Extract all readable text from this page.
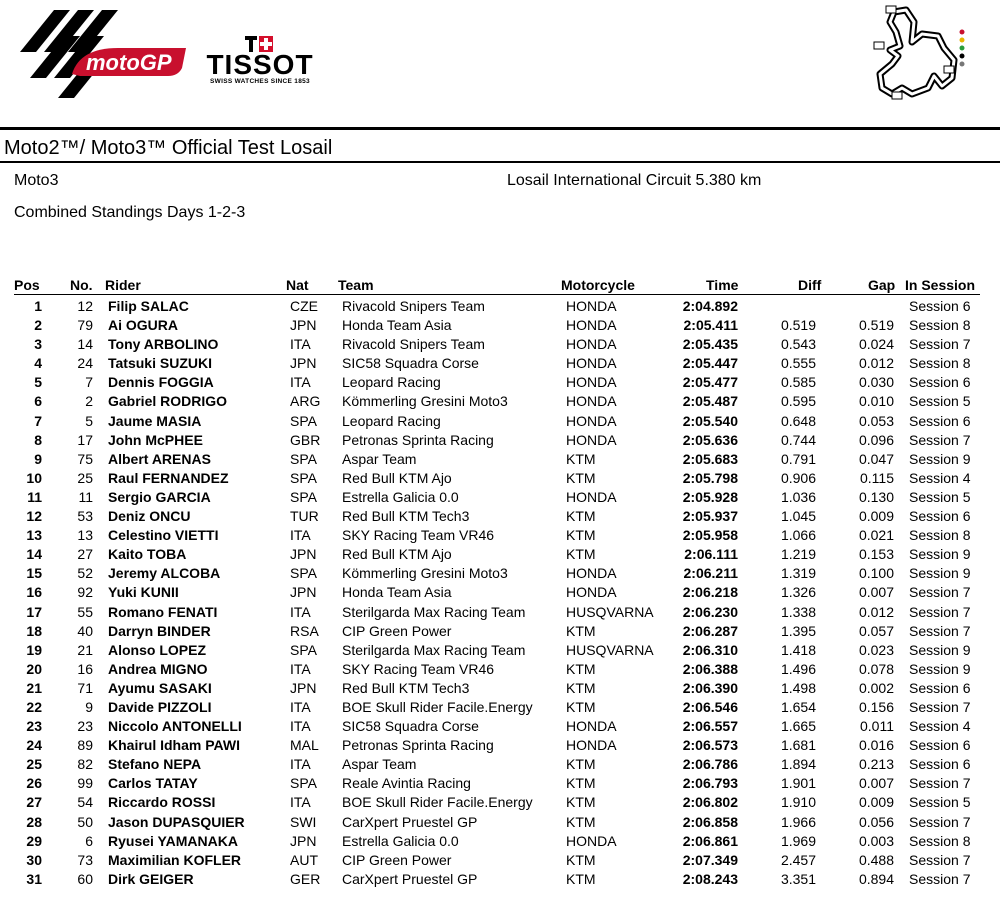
motoGP TISSOT
SWISS WATCHES SINCE 1853
Moto2™/ Moto3™ Official Test Losail
Moto3	Losail International Circuit 5.380 km
Combined Standings Days 1-2-3
Pos	No. Rider	Nat Team	Motorcycle	Time	Diff	Gap In Session
1	12 Filip SALAC	CZE Rivacold Snipers Team	HONDA	2:04.892	Session 6
2	79 Ai OGURA	JPN Honda Team Asia	HONDA	2:05.411	0.519	0.519 Session 8
3	14 Tony ARBOLINO	ITA Rivacold Snipers Team	HONDA	2:05.435	0.543	0.024 Session 7
4	24 Tatsuki SUZUKI	JPN SIC58 Squadra Corse	HONDA	2:05.447	0.555	0.012 Session 8
5	7 Dennis FOGGIA	ITA Leopard Racing	HONDA	2:05.477	0.585	0.030 Session 6
6	2 Gabriel RODRIGO	ARG Kömmerling Gresini Moto3	HONDA	2:05.487	0.595	0.010 Session 5
7	5 Jaume MASIA	SPA Leopard Racing	HONDA	2:05.540	0.648	0.053 Session 6
8	17 John McPHEE	GBR Petronas Sprinta Racing	HONDA	2:05.636	0.744	0.096 Session 7
9	75 Albert ARENAS	SPA Aspar Team	KTM	2:05.683	0.791	0.047 Session 9
10	25 Raul FERNANDEZ	SPA Red Bull KTM Ajo	KTM	2:05.798	0.906	0.115 Session 4
11	11 Sergio GARCIA	SPA Estrella Galicia 0.0	HONDA	2:05.928	1.036	0.130 Session 5
12	53 Deniz ONCU	TUR Red Bull KTM Tech3	KTM	2:05.937	1.045	0.009 Session 6
13	13 Celestino VIETTI	ITA SKY Racing Team VR46	KTM	2:05.958	1.066	0.021 Session 8
14	27 Kaito TOBA	JPN Red Bull KTM Ajo	KTM	2:06.111	1.219	0.153 Session 9
15	52 Jeremy ALCOBA	SPA Kömmerling Gresini Moto3	HONDA	2:06.211	1.319	0.100 Session 9
16	92 Yuki KUNII	JPN Honda Team Asia	HONDA	2:06.218	1.326	0.007 Session 7
17	55 Romano FENATI	ITA Sterilgarda Max Racing Team	HUSQVARNA	2:06.230	1.338	0.012 Session 7
18	40 Darryn BINDER	RSA CIP Green Power	KTM	2:06.287	1.395	0.057 Session 7
19	21 Alonso LOPEZ	SPA Sterilgarda Max Racing Team	HUSQVARNA	2:06.310	1.418	0.023 Session 9
20	16 Andrea MIGNO	ITA SKY Racing Team VR46	KTM	2:06.388	1.496	0.078 Session 9
21	71 Ayumu SASAKI	JPN Red Bull KTM Tech3	KTM	2:06.390	1.498	0.002 Session 6
22	9 Davide PIZZOLI	ITA BOE Skull Rider Facile.Energy KTM	2:06.546	1.654	0.156 Session 7
23	23 Niccolo ANTONELLI	ITA SIC58 Squadra Corse	HONDA	2:06.557	1.665	0.011 Session 4
24	89 Khairul Idham PAWI	MAL Petronas Sprinta Racing	HONDA	2:06.573	1.681	0.016 Session 6
25	82 Stefano NEPA	ITA Aspar Team	KTM	2:06.786	1.894	0.213 Session 6
26	99 Carlos TATAY	SPA Reale Avintia Racing	KTM	2:06.793	1.901	0.007 Session 7
27	54 Riccardo ROSSI	ITA BOE Skull Rider Facile.Energy KTM	2:06.802	1.910	0.009 Session 5
28	50 Jason DUPASQUIER	SWI CarXpert Pruestel GP	KTM	2:06.858	1.966	0.056 Session 7
29	6 Ryusei YAMANAKA	JPN Estrella Galicia 0.0	HONDA	2:06.861	1.969	0.003 Session 8
30	73 Maximilian KOFLER	AUT CIP Green Power	KTM	2:07.349	2.457	0.488 Session 7
31	60 Dirk GEIGER	GER CarXpert Pruestel GP	KTM	2:08.243	3.351	0.894 Session 7
